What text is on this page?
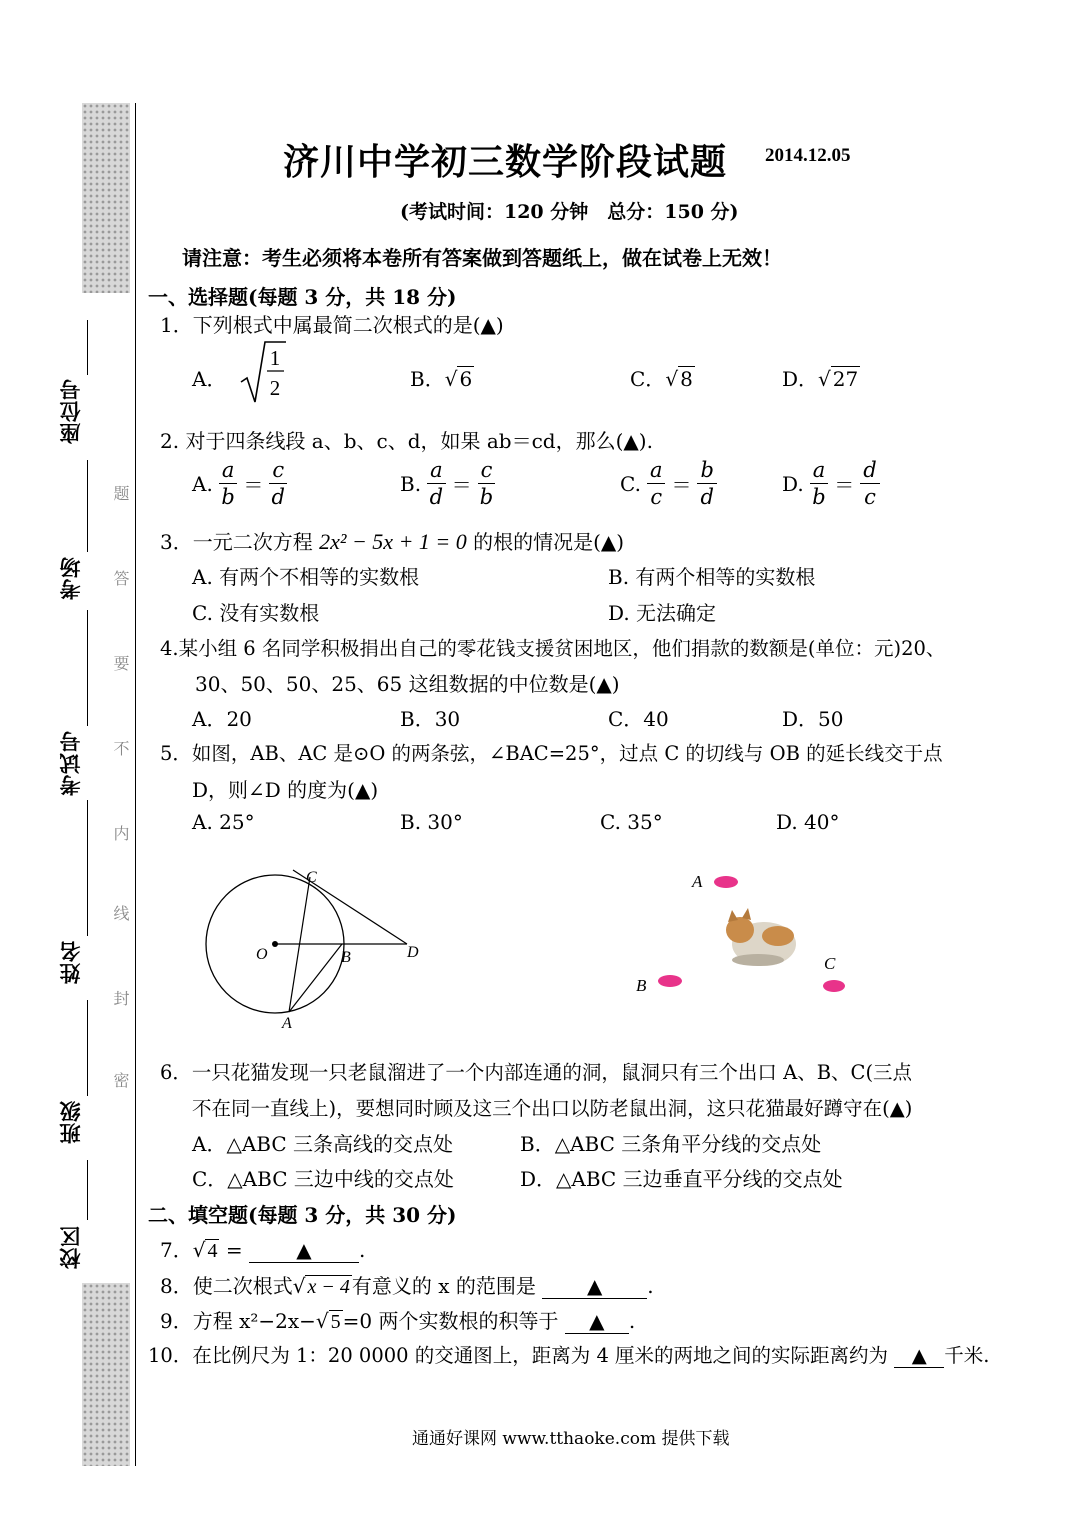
座位号
考场
考试号
姓名
班级
校区
题
答
要
不
内
线
封
密
济川中学初三数学阶段试题 2014.12.05
(考试时间：120 分钟　总分：150 分)
请注意：考生必须将本卷所有答案做到答题纸上，做在试卷上无效！
一、选择题(每题 3 分，共 18 分)
1．下列根式中属最简二次根式的是(▲)
A．
1
2	B．√ 6	C．√ 8	D．√ 27
2. 对于四条线段 a、b、c、d，如果 ab＝cd，那么(▲).
A. $\frac{a}{b} = \frac{c}{d}$	B. $\frac{a}{d} = \frac{c}{b}$	C. $\frac{a}{c} = \frac{b}{d}$	D. $\frac{a}{b} = \frac{d}{c}$
3．一元二次方程 2x² − 5x + 1 = 0 的根的情况是(▲)
A. 有两个不相等的实数根	B. 有两个相等的实数根
C. 没有实数根	D. 无法确定
4.某小组 6 名同学积极捐出自己的零花钱支援贫困地区，他们捐款的数额是(单位：元)20、
30、50、50、25、65 这组数据的中位数是(▲)
A．20	B．30	C．40	D．50
5．如图，AB、AC 是⊙O 的两条弦，∠BAC=25°，过点 C 的切线与 OB 的延长线交于点
D，则∠D 的度为(▲)
A. 25°	B. 30°	C. 35°	D. 40°
O
C
B	D
A
A
B
C
6．一只花猫发现一只老鼠溜进了一个内部连通的洞，鼠洞只有三个出口 A、B、C(三点
不在同一直线上)，要想同时顾及这三个出口以防老鼠出洞，这只花猫最好蹲守在(▲)
A．△ABC 三条高线的交点处	B．△ABC 三条角平分线的交点处
C．△ABC 三边中线的交点处	D．△ABC 三边垂直平分线的交点处
二、填空题(每题 3 分，共 30 分)
7．√ 4 =	▲ .
8．使二次根式√ x − 4 有意义的 x 的范围是	▲ .
9．方程 x²−2x−√ 5 =0 两个实数根的积等于 ▲ .
10．在比例尺为 1：20 0000 的交通图上，距离为 4 厘米的两地之间的实际距离约为 ▲ 千米.
通通好课网 www.tthaoke.com 提供下载
